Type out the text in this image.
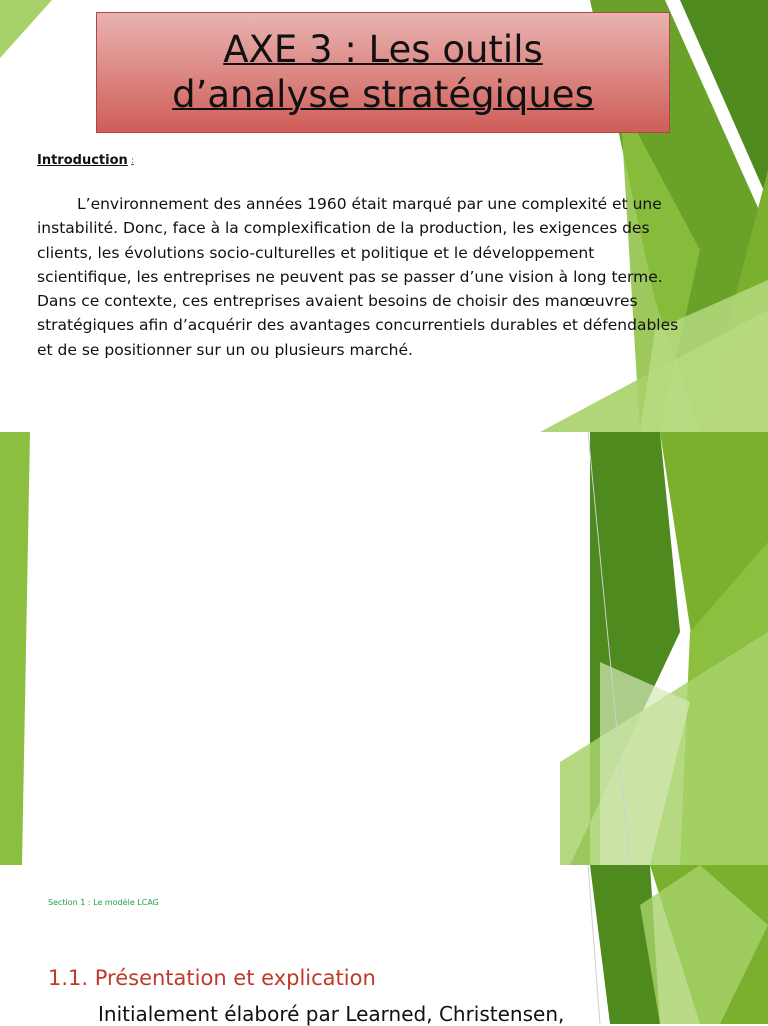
AXE 3 : Les outils
d’analyse stratégiques
Introduction :

L’environnement des années 1960 était marqué par une complexité et une instabilité. Donc, face à la complexification de la production, les exigences des clients, les évolutions socio-culturelles et politique et le développement scientifique, les entreprises ne peuvent pas se passer d’une vision à long terme. Dans ce contexte, ces entreprises avaient besoins de choisir des manœuvres stratégiques afin d’acquérir des avantages concurrentiels durables et défendables et de se positionner sur un ou plusieurs marché.

Section 1 : Le modèle LCAG
1.1. Présentation et explication
Initialement élaboré par Learned, Christensen,
